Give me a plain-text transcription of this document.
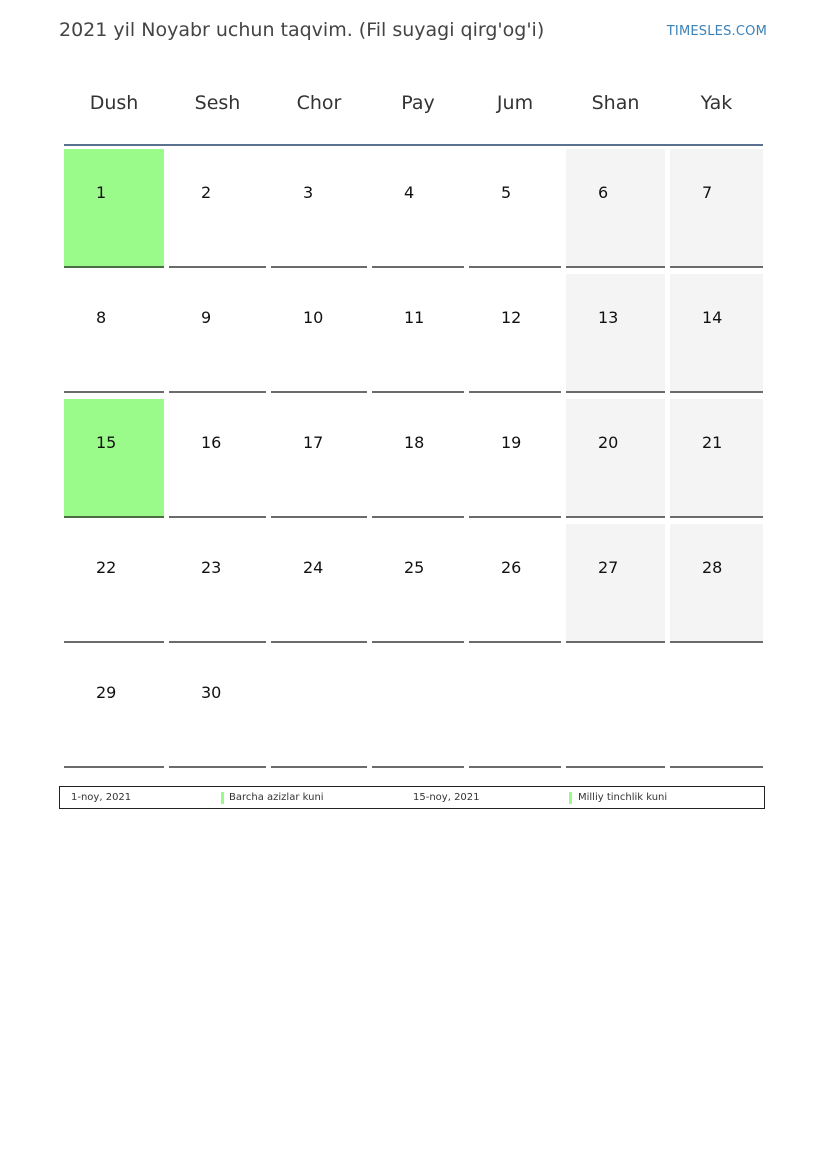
2021 yil Noyabr uchun taqvim. (Fil suyagi qirg'og'i)	TIMESLES.COM
Dush	Sesh	Chor	Pay	Jum	Shan	Yak
1	2	3	4	5	6	7
8	9	10	11	12	13	14
15	16	17	18	19	20	21
22	23	24	25	26	27	28
29	30
1-noy, 2021	Barcha azizlar kuni	15-noy, 2021	Milliy tinchlik kuni
